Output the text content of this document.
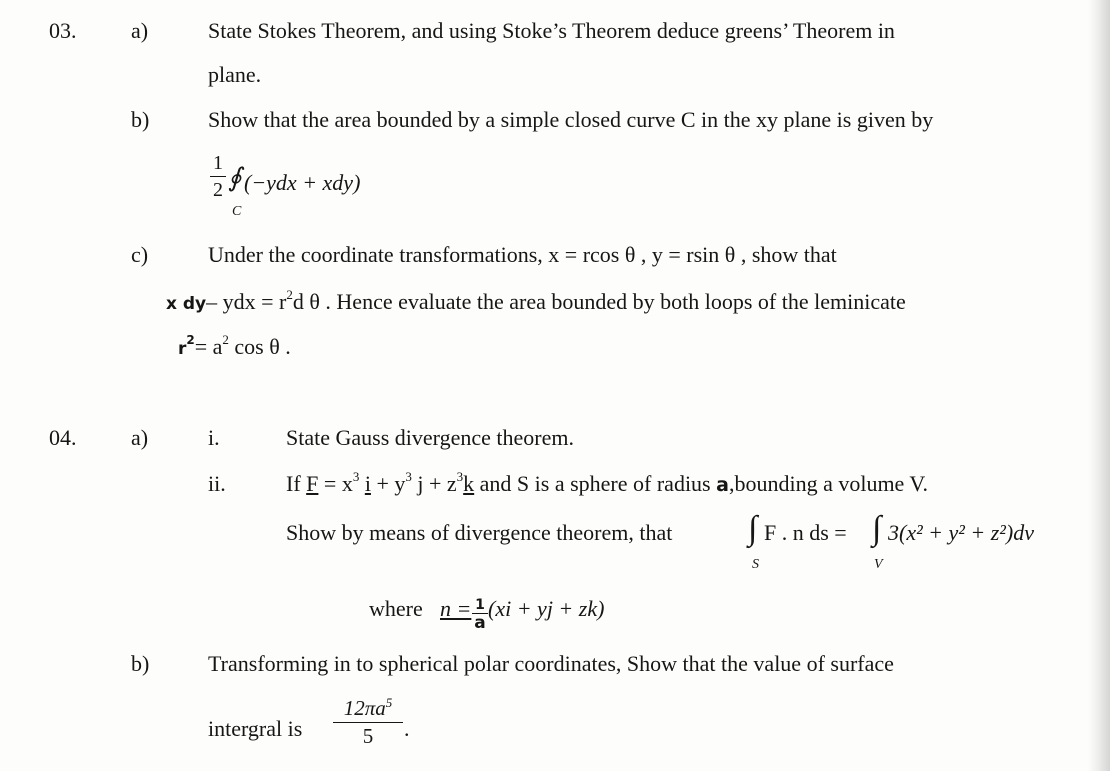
03. a)	State Stokes Theorem, and using Stoke’s Theorem deduce greens’ Theorem in
plane.
b)	Show that the area bounded by a simple closed curve C in the xy plane is given by
1
2 ∮
C
(−ydx + xdy)
c)	Under the coordinate transformations, x = rcos θ , y = rsin θ , show that
x dy– ydx = $r^2d$ θ . Hence evaluate the area bounded by both loops of the leminicate
$r^2= a^2$ cos θ .
04. a)	i.	State Gauss divergence theorem.
ii.	If $F = x^3$ $i + y^3$ $j + z^3k$ and S is a sphere of radius a,bounding a volume V.
Show by means of divergence theorem, that ∫
S
F . n ds = ∫
V
3(x² + y² + z²)dv
where n = 1
a
(xi + yj + zk)
b)	Transforming in to spherical polar coordinates, Show that the value of surface
intergral is
$12\pi a^5$
5	.
